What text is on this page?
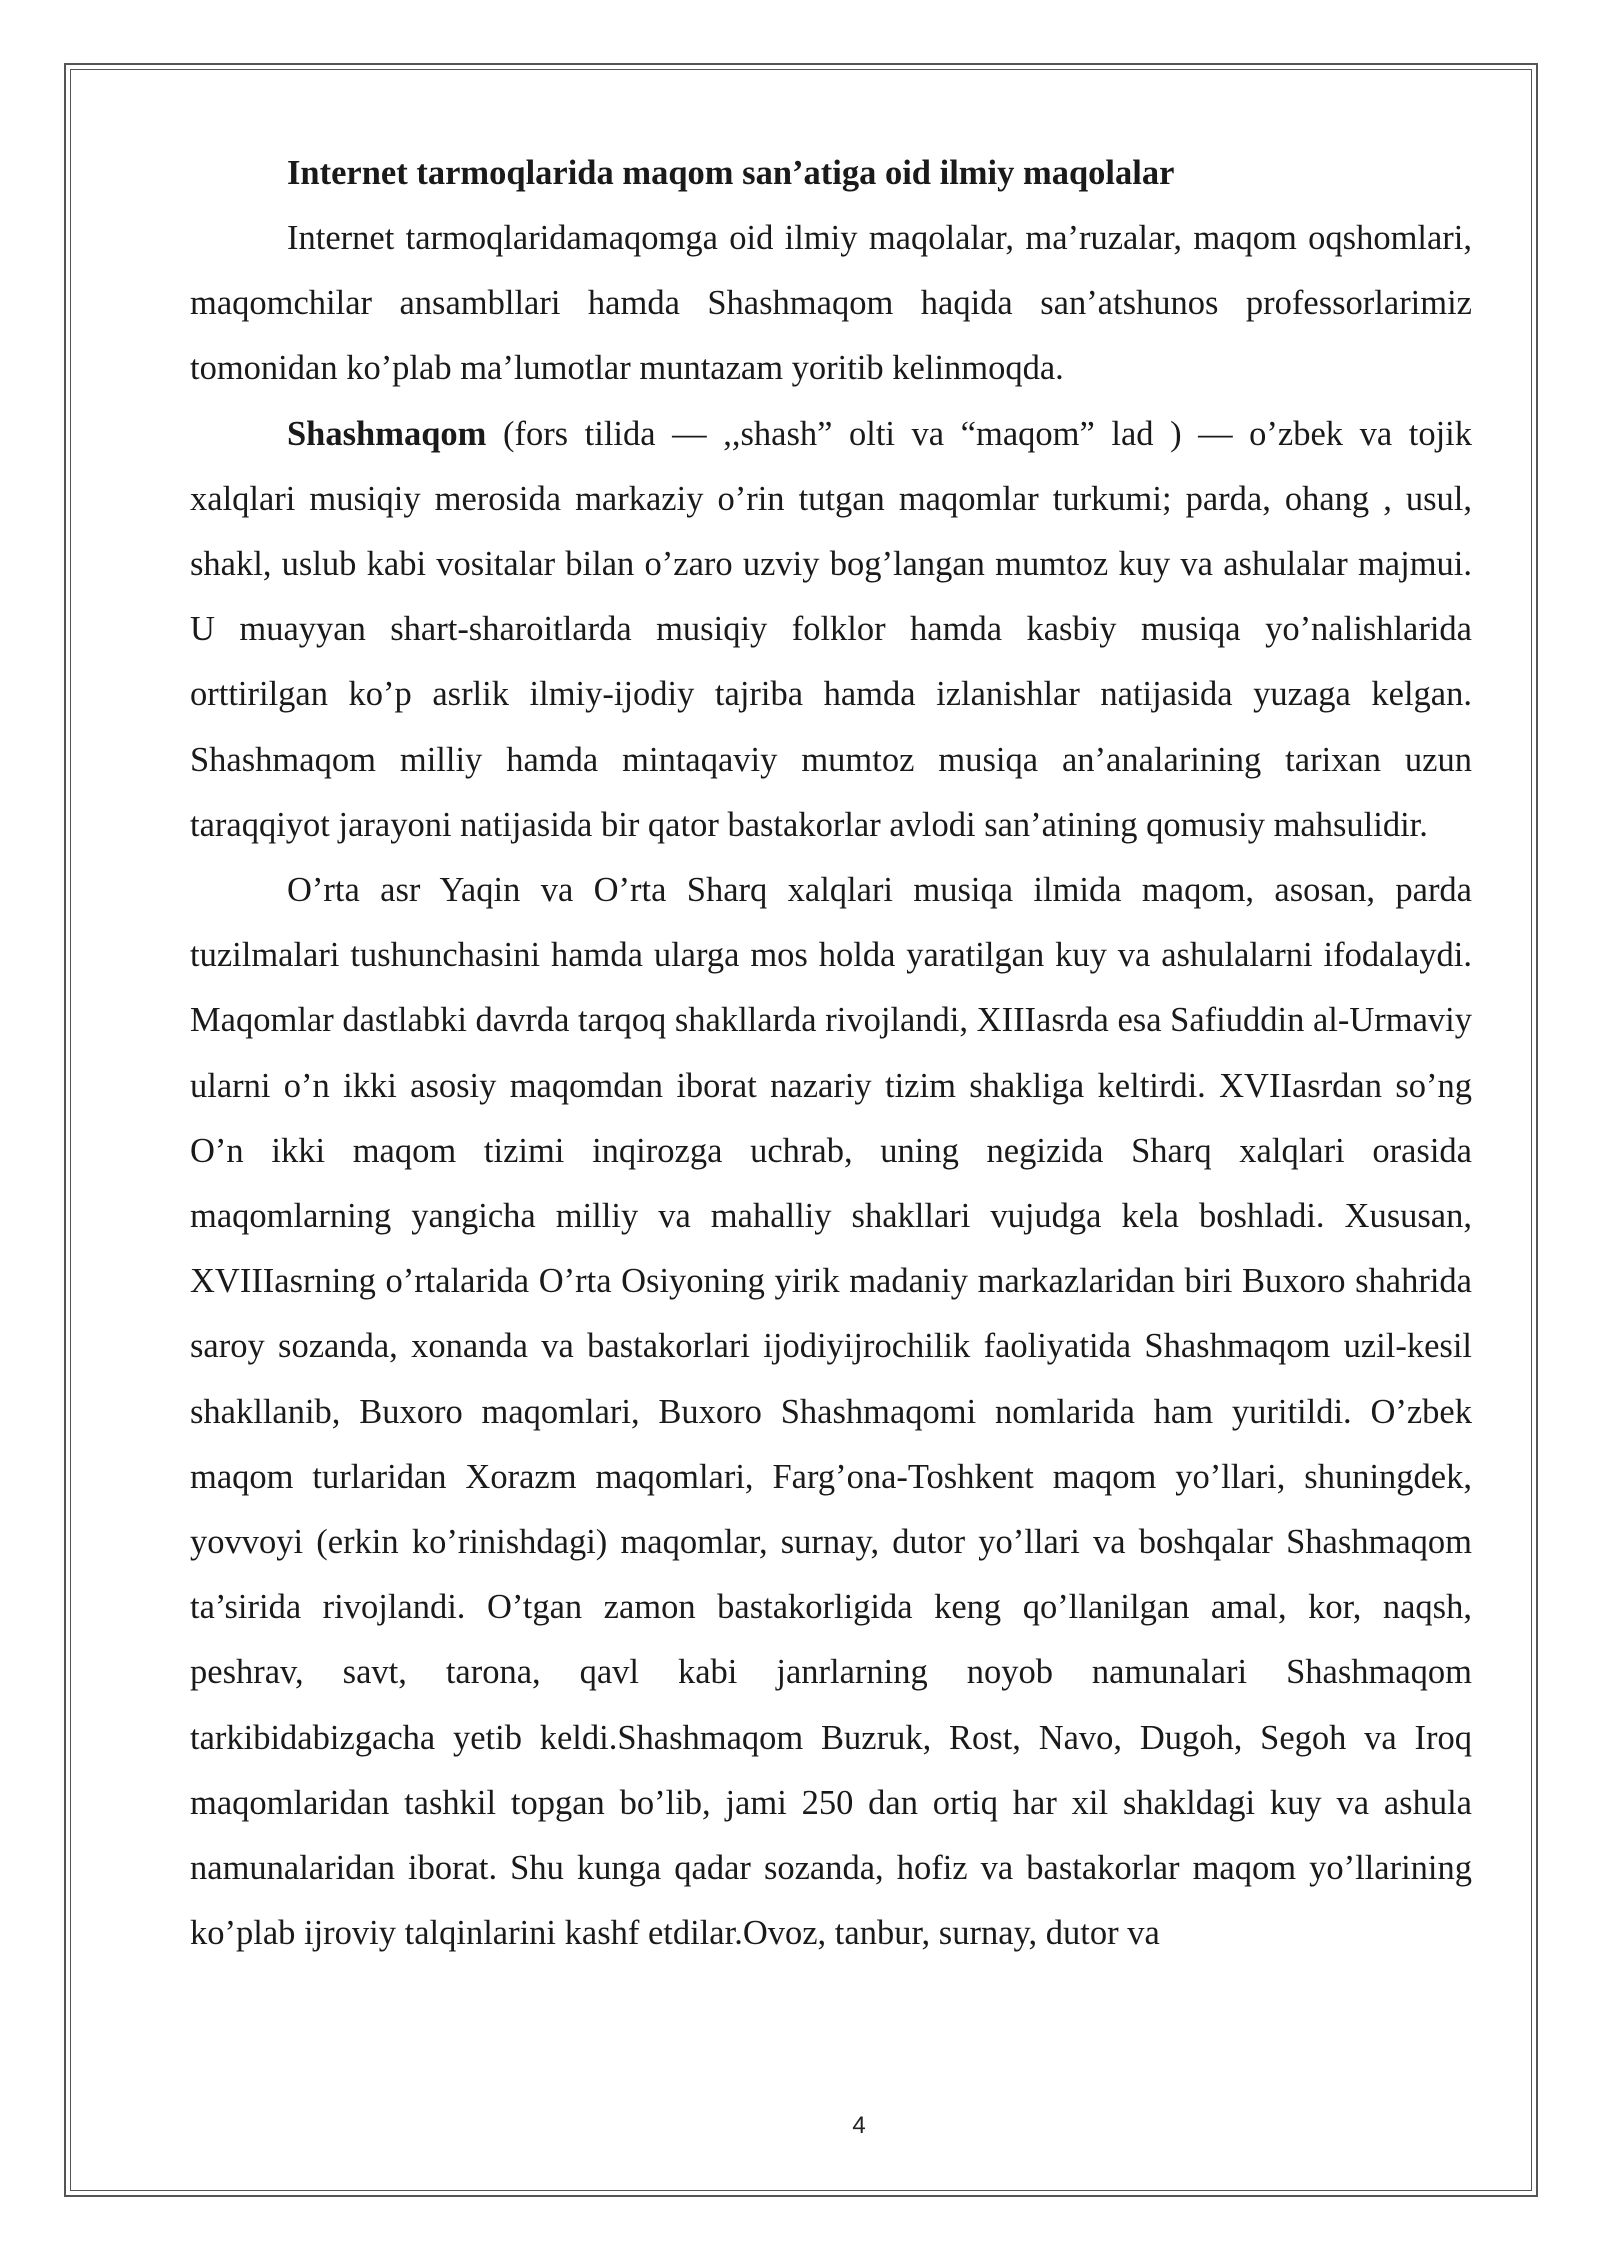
Internet tarmoqlarida maqom san’atiga oid ilmiy maqolalar

Internet tarmoqlaridamaqomga oid ilmiy maqolalar, ma’ruzalar, maqom oqshomlari, maqomchilar ansambllari hamda Shashmaqom haqida san’atshunos professorlarimiz tomonidan ko’plab ma’lumotlar muntazam yoritib kelinmoqda.

Shashmaqom (fors tilida — ,,shash” olti va “maqom” lad ) — o’zbek va tojik xalqlari musiqiy merosida markaziy o’rin tutgan maqomlar turkumi; parda, ohang , usul, shakl, uslub kabi vositalar bilan o’zaro uzviy bog’langan mumtoz kuy va ashulalar majmui. U muayyan shart-sharoitlarda musiqiy folklor hamda kasbiy musiqa yo’nalishlarida orttirilgan ko’p asrlik ilmiy-ijodiy tajriba hamda izlanishlar natijasida yuzaga kelgan. Shashmaqom milliy hamda mintaqaviy mumtoz musiqa an’analarining tarixan uzun taraqqiyot jarayoni natijasida bir qator bastakorlar avlodi san’atining qomusiy mahsulidir.

O’rta asr Yaqin va O’rta Sharq xalqlari musiqa ilmida maqom, asosan, parda tuzilmalari tushunchasini hamda ularga mos holda yaratilgan kuy va ashulalarni ifodalaydi. Maqomlar dastlabki davrda tarqoq shakllarda rivojlandi, XIIIasrda esa Safiuddin al-Urmaviy ularni o’n ikki asosiy maqomdan iborat nazariy tizim shakliga keltirdi. XVIIasrdan so’ng O’n ikki maqom tizimi inqirozga uchrab, uning negizida Sharq xalqlari orasida maqomlarning yangicha milliy va mahalliy shakllari vujudga kela boshladi. Xususan, XVIIIasrning o’rtalarida O’rta Osiyoning yirik madaniy markazlaridan biri Buxoro shahrida saroy sozanda, xonanda va bastakorlari ijodiyijrochilik faoliyatida Shashmaqom uzil-kesil shakllanib, Buxoro maqomlari, Buxoro Shashmaqomi nomlarida ham yuritildi. O’zbek maqom turlaridan Xorazm maqomlari, Farg’ona-Toshkent maqom yo’llari, shuningdek, yovvoyi (erkin ko’rinishdagi) maqomlar, surnay, dutor yo’llari va boshqalar Shashmaqom ta’sirida rivojlandi. O’tgan zamon bastakorligida keng qo’llanilgan amal, kor, naqsh, peshrav, savt, tarona, qavl kabi janrlarning noyob namunalari Shashmaqom tarkibidabizgacha yetib keldi.Shashmaqom Buzruk, Rost, Navo, Dugoh, Segoh va Iroq maqomlaridan tashkil topgan bo’lib, jami 250 dan ortiq har xil shakldagi kuy va ashula namunalaridan iborat. Shu kunga qadar sozanda, hofiz va bastakorlar maqom yo’llarining ko’plab ijroviy talqinlarini kashf etdilar.Ovoz, tanbur, surnay, dutor va

4
